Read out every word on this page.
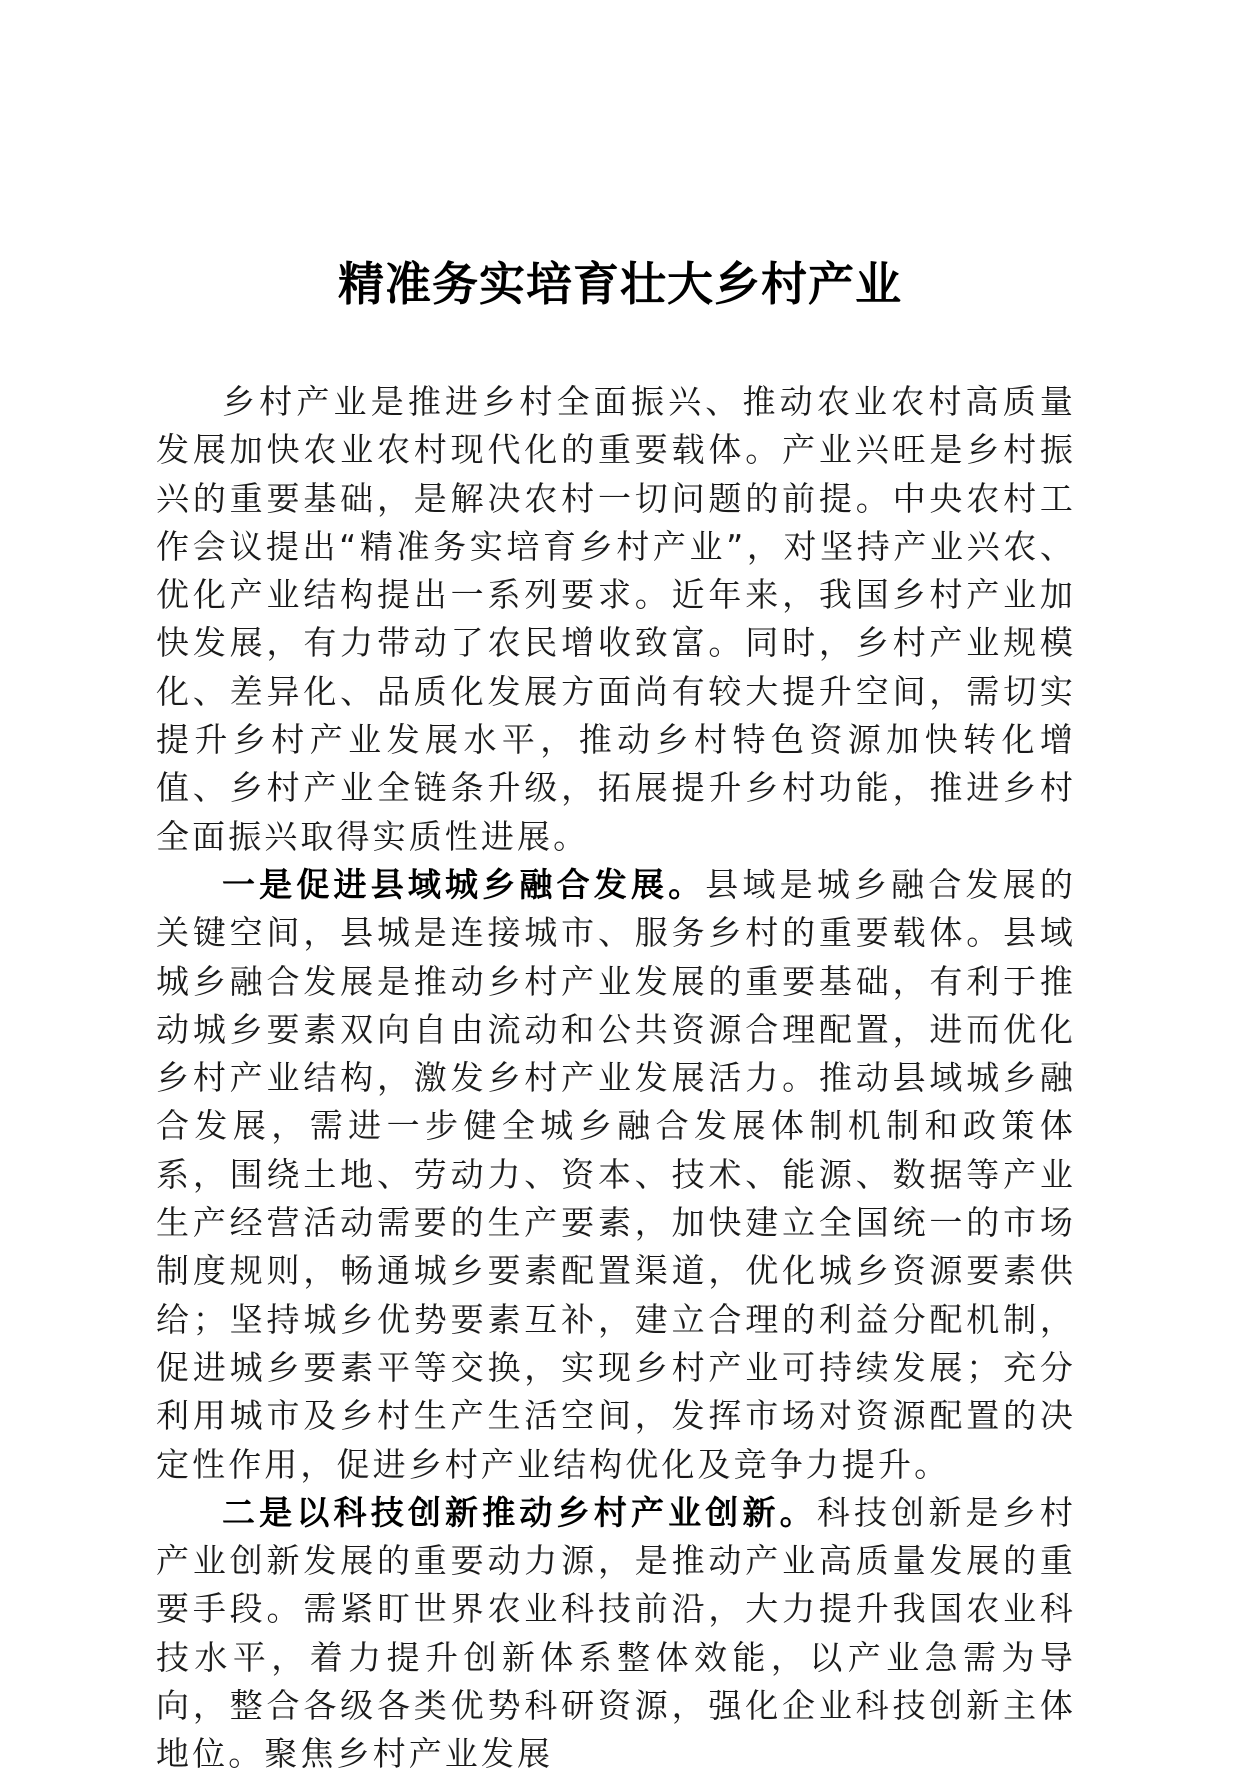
精准务实培育壮大乡村产业

乡村产业是推进乡村全面振兴、推动农业农村高质量发展加快农业农村现代化的重要载体。产业兴旺是乡村振兴的重要基础，是解决农村一切问题的前提。中央农村工作会议提出“精准务实培育乡村产业”，对坚持产业兴农、优化产业结构提出一系列要求。近年来，我国乡村产业加快发展，有力带动了农民增收致富。同时，乡村产业规模化、差异化、品质化发展方面尚有较大提升空间，需切实提升乡村产业发展水平，推动乡村特色资源加快转化增值、乡村产业全链条升级，拓展提升乡村功能，推进乡村全面振兴取得实质性进展。

一是促进县域城乡融合发展。县域是城乡融合发展的关键空间，县城是连接城市、服务乡村的重要载体。县域城乡融合发展是推动乡村产业发展的重要基础，有利于推动城乡要素双向自由流动和公共资源合理配置，进而优化乡村产业结构，激发乡村产业发展活力。推动县域城乡融合发展，需进一步健全城乡融合发展体制机制和政策体系，围绕土地、劳动力、资本、技术、能源、数据等产业生产经营活动需要的生产要素，加快建立全国统一的市场制度规则，畅通城乡要素配置渠道，优化城乡资源要素供给；坚持城乡优势要素互补，建立合理的利益分配机制，促进城乡要素平等交换，实现乡村产业可持续发展；充分利用城市及乡村生产生活空间，发挥市场对资源配置的决定性作用，促进乡村产业结构优化及竞争力提升。

二是以科技创新推动乡村产业创新。科技创新是乡村产业创新发展的重要动力源，是推动产业高质量发展的重要手段。需紧盯世界农业科技前沿，大力提升我国农业科技水平，着力提升创新体系整体效能，以产业急需为导向，整合各级各类优势科研资源，强化企业科技创新主体地位。聚焦乡村产业发展
